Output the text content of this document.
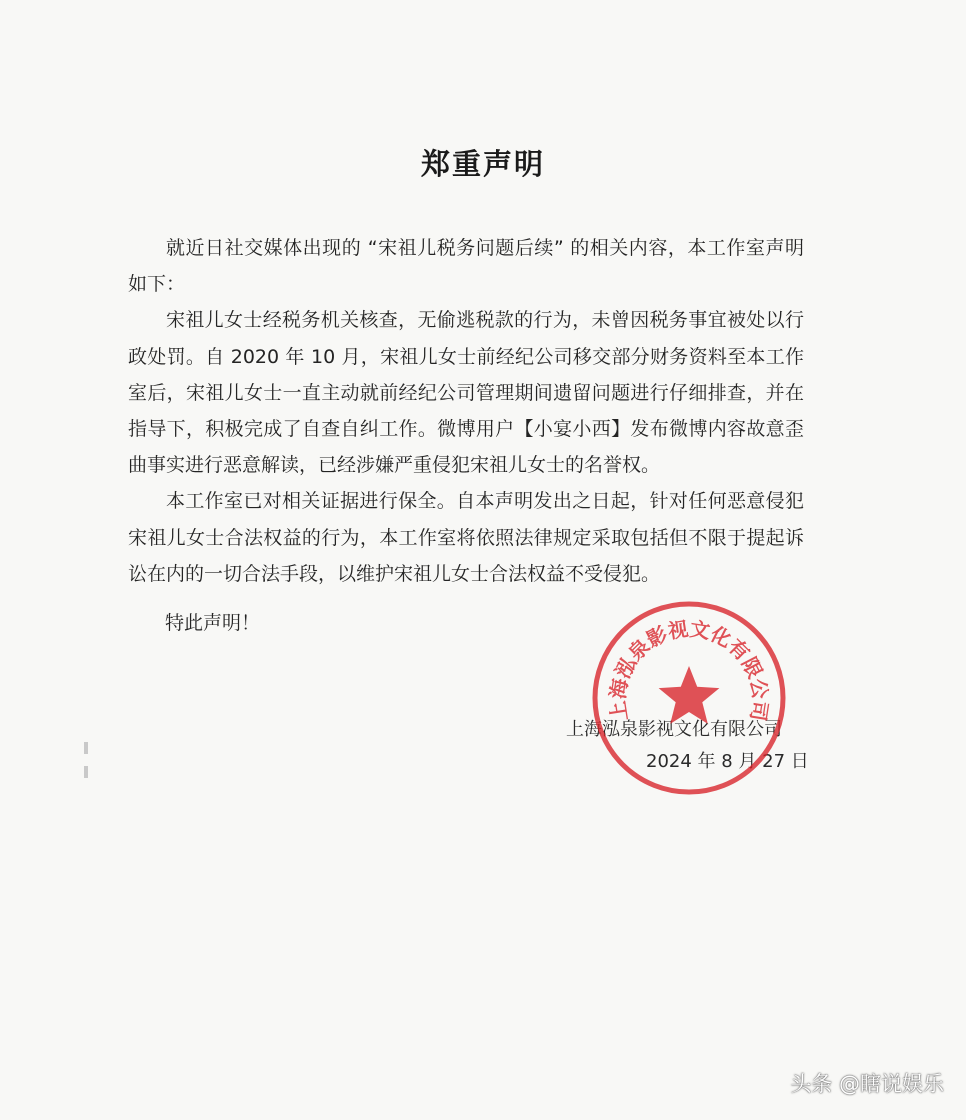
郑重声明

就近日社交媒体出现的 “宋祖儿税务问题后续” 的相关内容，本工作室声明如下：

宋祖儿女士经税务机关核查，无偷逃税款的行为，未曾因税务事宜被处以行政处罚。自 2020 年 10 月，宋祖儿女士前经纪公司移交部分财务资料至本工作室后，宋祖儿女士一直主动就前经纪公司管理期间遗留问题进行仔细排查，并在指导下，积极完成了自查自纠工作。微博用户【小宴小西】发布微博内容故意歪曲事实进行恶意解读，已经涉嫌严重侵犯宋祖儿女士的名誉权。

本工作室已对相关证据进行保全。自本声明发出之日起，针对任何恶意侵犯宋祖儿女士合法权益的行为，本工作室将依照法律规定采取包括但不限于提起诉讼在内的一切合法手段，以维护宋祖儿女士合法权益不受侵犯。

特此声明！
上海泓泉影视文化有限公司
2024 年 8 月 27 日
上海泓泉影视文化有限公司
头条 @瞎说娱乐
